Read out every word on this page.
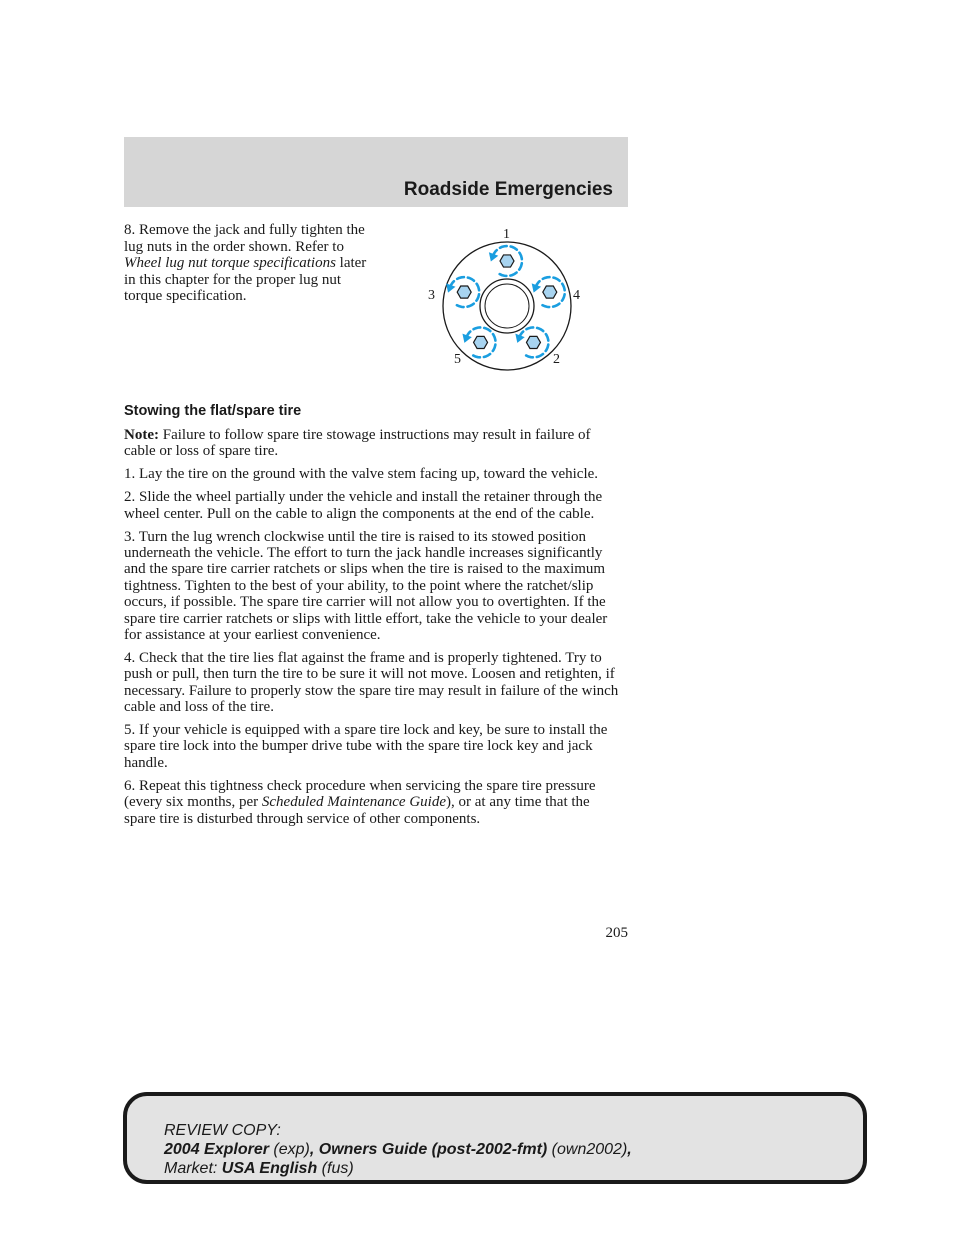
Roadside Emergencies

8. Remove the jack and fully tighten the lug nuts in the order shown. Refer to Wheel lug nut torque specifications later in this chapter for the proper lug nut torque specification.

1
2
3	4
5
Stowing the flat/spare tire

Note: Failure to follow spare tire stowage instructions may result in failure of cable or loss of spare tire.

1. Lay the tire on the ground with the valve stem facing up, toward the vehicle.

2. Slide the wheel partially under the vehicle and install the retainer through the wheel center. Pull on the cable to align the components at the end of the cable.

3. Turn the lug wrench clockwise until the tire is raised to its stowed position underneath the vehicle. The effort to turn the jack handle increases significantly and the spare tire carrier ratchets or slips when the tire is raised to the maximum tightness. Tighten to the best of your ability, to the point where the ratchet/slip occurs, if possible. The spare tire carrier will not allow you to overtighten. If the spare tire carrier ratchets or slips with little effort, take the vehicle to your dealer for assistance at your earliest convenience.

4. Check that the tire lies flat against the frame and is properly tightened. Try to push or pull, then turn the tire to be sure it will not move. Loosen and retighten, if necessary. Failure to properly stow the spare tire may result in failure of the winch cable and loss of the tire.

5. If your vehicle is equipped with a spare tire lock and key, be sure to install the spare tire lock into the bumper drive tube with the spare tire lock key and jack handle.

6. Repeat this tightness check procedure when servicing the spare tire pressure (every six months, per Scheduled Maintenance Guide), or at any time that the spare tire is disturbed through service of other components.

205
REVIEW COPY:
2004 Explorer (exp), Owners Guide (post-2002-fmt) (own2002),
Market: USA English (fus)
